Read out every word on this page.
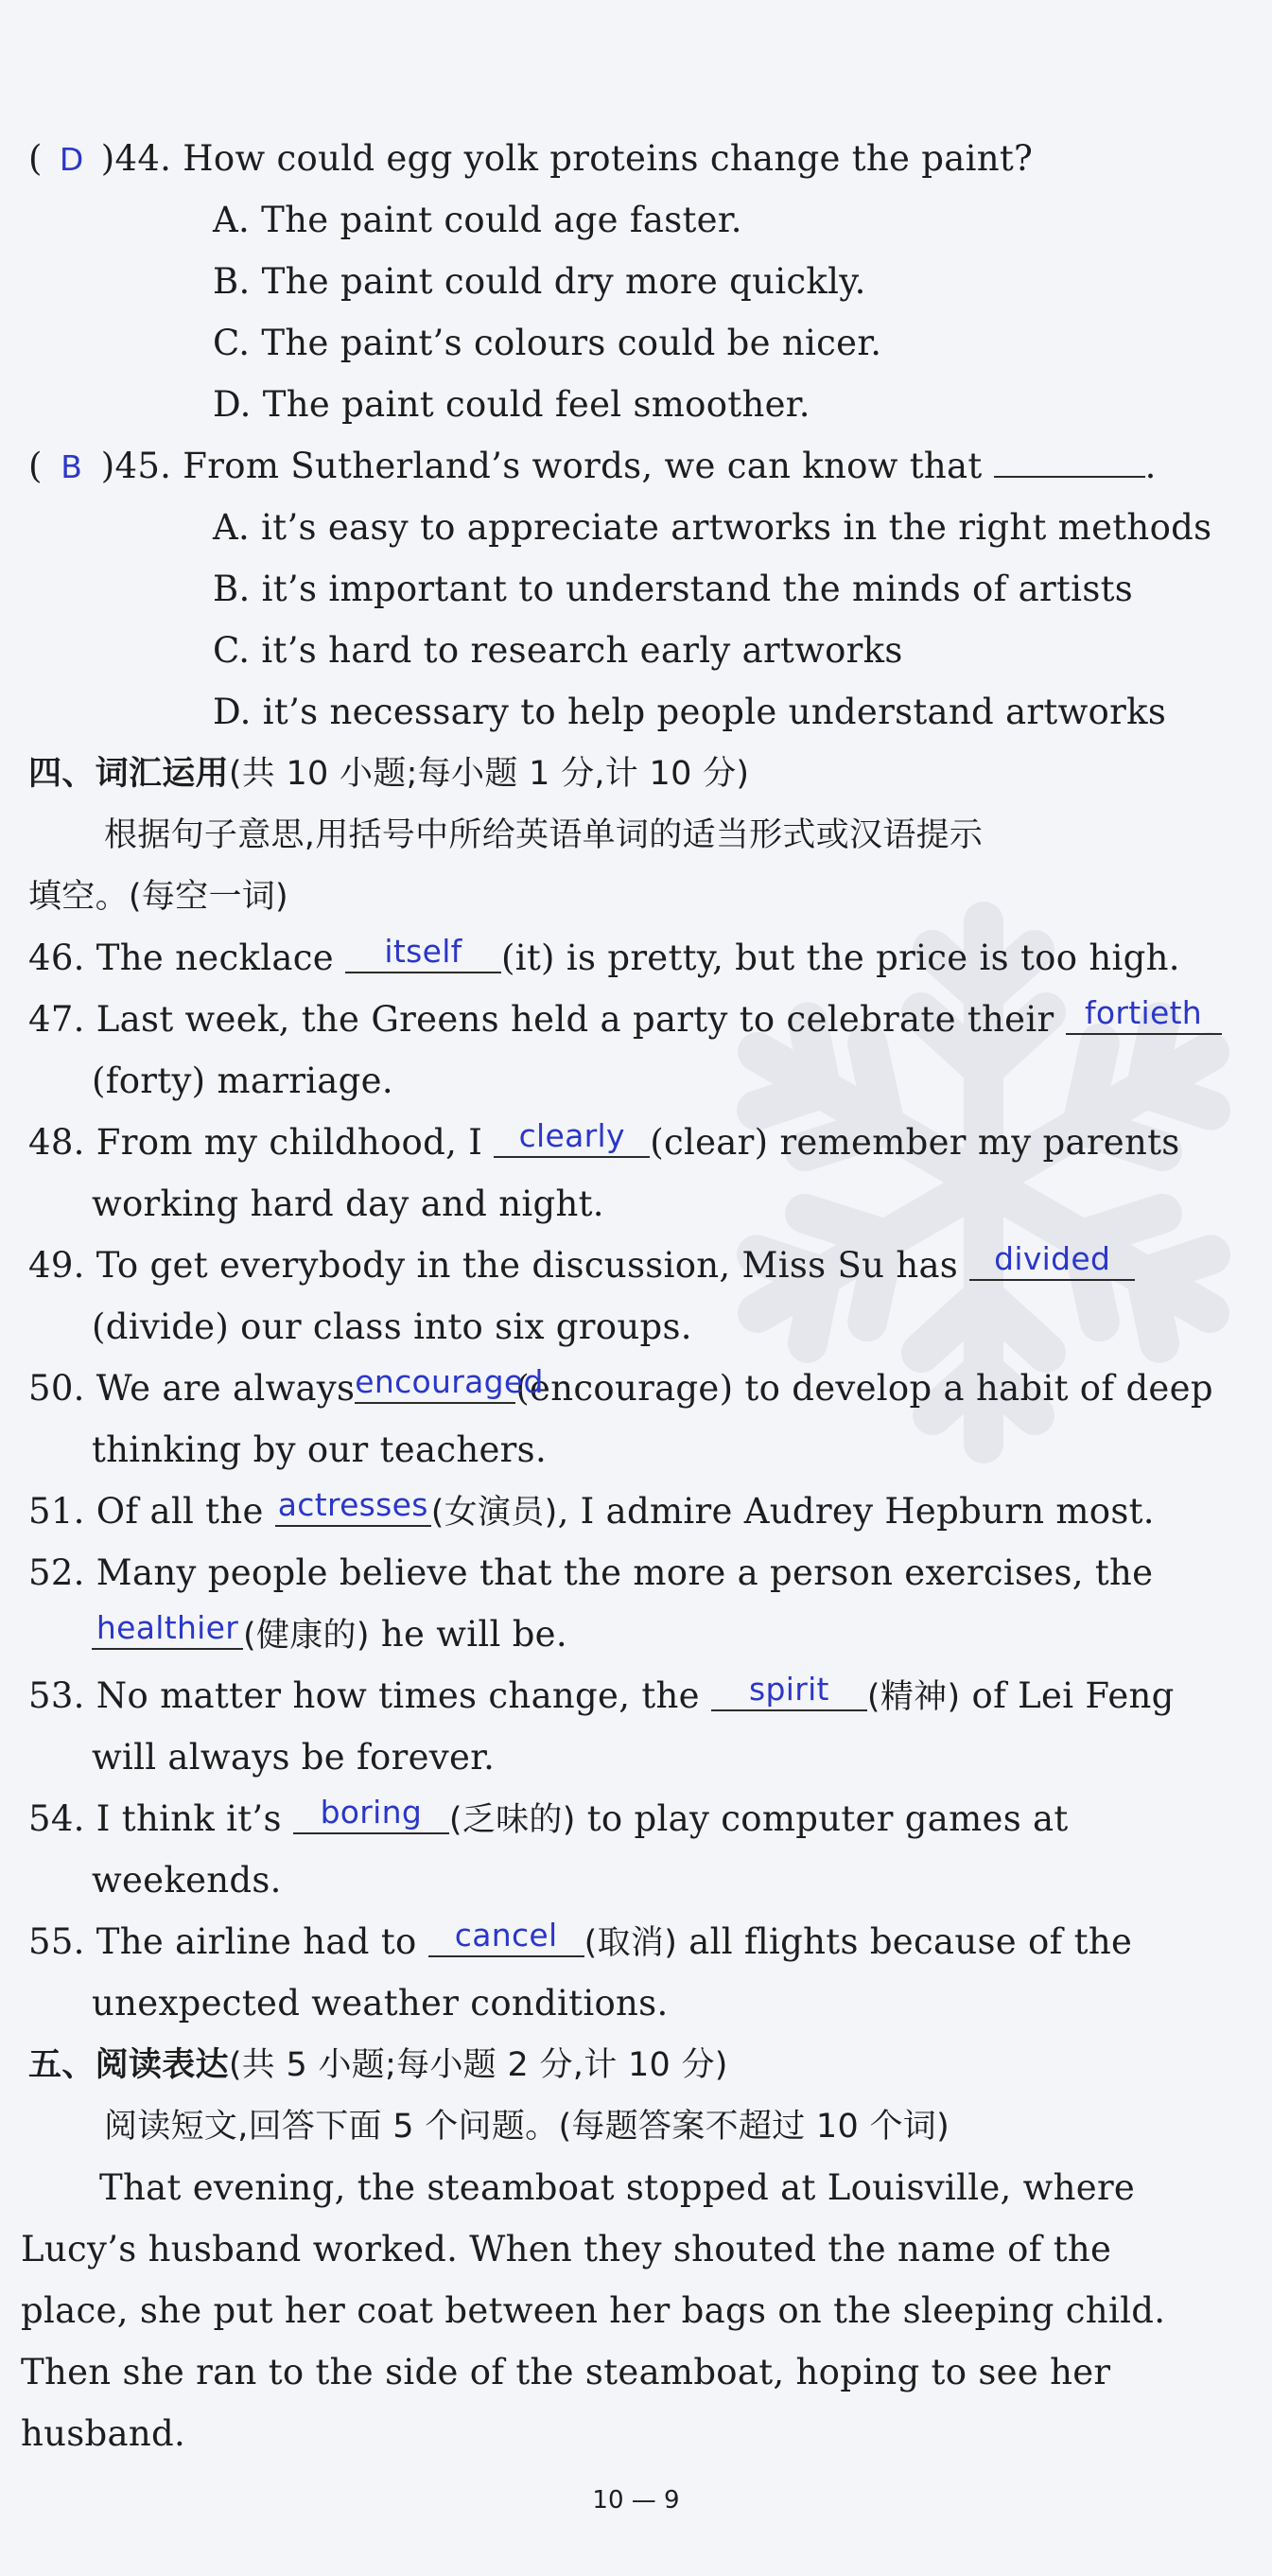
( D )44. How could egg yolk proteins change the paint?
A. The paint could age faster.
B. The paint could dry more quickly.
C. The paint’s colours could be nicer.
D. The paint could feel smoother.
( B )45. From Sutherland’s words, we can know that	.
A. it’s easy to appreciate artworks in the right methods
B. it’s important to understand the minds of artists
C. it’s hard to research early artworks
D. it’s necessary to help people understand artworks
四、词汇运用(共 10 小题;每小题 1 分,计 10 分)
根据句子意思,用括号中所给英语单词的适当形式或汉语提示
填空。(每空一词)
46. The necklace itself (it) is pretty, but the price is too high.
47. Last week, the Greens held a party to celebrate their fortieth
(forty) marriage.
48. From my childhood, I clearly (clear) remember my parents
working hard day and night.
49. To get everybody in the discussion, Miss Su has divided
(divide) our class into six groups.
50. We are alwaysencouraged(encourage) to develop a habit of deep
thinking by our teachers.
51. Of all the actresses(女演员), I admire Audrey Hepburn most.
52. Many people believe that the more a person exercises, the
healthier (健康的) he will be.
53. No matter how times change, the spirit (精神) of Lei Feng
will always be forever.
54. I think it’s boring (乏味的) to play computer games at
weekends.
55. The airline had to cancel (取消) all flights because of the
unexpected weather conditions.
五、阅读表达(共 5 小题;每小题 2 分,计 10 分)
阅读短文,回答下面 5 个问题。(每题答案不超过 10 个词)
That evening, the steamboat stopped at Louisville, where
Lucy’s husband worked. When they shouted the name of the
place, she put her coat between her bags on the sleeping child.
Then she ran to the side of the steamboat, hoping to see her
husband.
10 — 9
